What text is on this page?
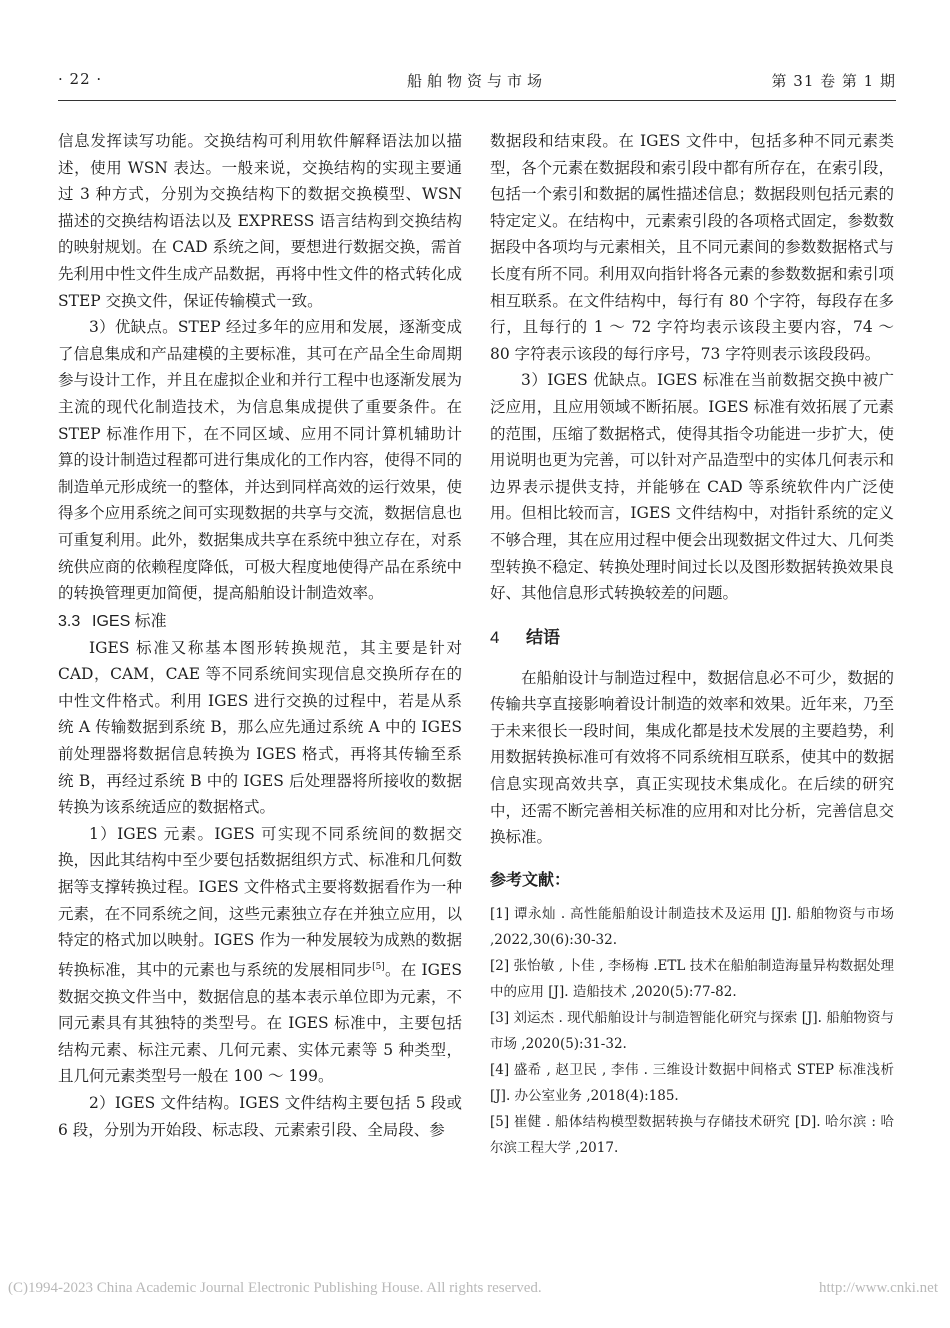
· 22 ·	船舶物资与市场	第 31 卷 第 1 期

信息发挥读写功能。交换结构可利用软件解释语法加以描述，使用 WSN 表达。一般来说，交换结构的实现主要通过 3 种方式，分别为交换结构下的数据交换模型、WSN 描述的交换结构语法以及 EXPRESS 语言结构到交换结构的映射规划。在 CAD 系统之间，要想进行数据交换，需首先利用中性文件生成产品数据，再将中性文件的格式转化成 STEP 交换文件，保证传输模式一致。

3）优缺点。STEP 经过多年的应用和发展，逐渐变成了信息集成和产品建模的主要标准，其可在产品全生命周期参与设计工作，并且在虚拟企业和并行工程中也逐渐发展为主流的现代化制造技术，为信息集成提供了重要条件。在 STEP 标准作用下，在不同区域、应用不同计算机辅助计算的设计制造过程都可进行集成化的工作内容，使得不同的制造单元形成统一的整体，并达到同样高效的运行效果，使得多个应用系统之间可实现数据的共享与交流，数据信息也可重复利用。此外，数据集成共享在系统中独立存在，对系统供应商的依赖程度降低，可极大程度地使得产品在系统中的转换管理更加简便，提高船舶设计制造效率。

3.3 IGES 标准

IGES 标准又称基本图形转换规范，其主要是针对 CAD，CAM，CAE 等不同系统间实现信息交换所存在的中性文件格式。利用 IGES 进行交换的过程中，若是从系统 A 传输数据到系统 B，那么应先通过系统 A 中的 IGES 前处理器将数据信息转换为 IGES 格式，再将其传输至系统 B，再经过系统 B 中的 IGES 后处理器将所接收的数据转换为该系统适应的数据格式。

1）IGES 元素。IGES 可实现不同系统间的数据交换，因此其结构中至少要包括数据组织方式、标准和几何数据等支撑转换过程。IGES 文件格式主要将数据看作为一种元素，在不同系统之间，这些元素独立存在并独立应用，以特定的格式加以映射。IGES 作为一种发展较为成熟的数据转换标准，其中的元素也与系统的发展相同步[5]。在 IGES 数据交换文件当中，数据信息的基本表示单位即为元素，不同元素具有其独特的类型号。在 IGES 标准中，主要包括结构元素、标注元素、几何元素、实体元素等 5 种类型，且几何元素类型号一般在 100 ～ 199。

2）IGES 文件结构。IGES 文件结构主要包括 5 段或 6 段，分别为开始段、标志段、元素索引段、全局段、参

数据段和结束段。在 IGES 文件中，包括多种不同元素类型，各个元素在数据段和索引段中都有所存在，在索引段，包括一个索引和数据的属性描述信息；数据段则包括元素的特定定义。在结构中，元素索引段的各项格式固定，参数数据段中各项均与元素相关，且不同元素间的参数数据格式与长度有所不同。利用双向指针将各元素的参数数据和索引项相互联系。在文件结构中，每行有 80 个字符，每段存在多行，且每行的 1 ～ 72 字符均表示该段主要内容，74 ～ 80 字符表示该段的每行序号，73 字符则表示该段段码。

3）IGES 优缺点。IGES 标准在当前数据交换中被广泛应用，且应用领域不断拓展。IGES 标准有效拓展了元素的范围，压缩了数据格式，使得其指令功能进一步扩大，使用说明也更为完善，可以针对产品造型中的实体几何表示和边界表示提供支持，并能够在 CAD 等系统软件内广泛使用。但相比较而言，IGES 文件结构中，对指针系统的定义不够合理，其在应用过程中便会出现数据文件过大、几何类型转换不稳定、转换处理时间过长以及图形数据转换效果良好、其他信息形式转换较差的问题。

4 结语

在船舶设计与制造过程中，数据信息必不可少，数据的传输共享直接影响着设计制造的效率和效果。近年来，乃至于未来很长一段时间，集成化都是技术发展的主要趋势，利用数据转换标准可有效将不同系统相互联系，使其中的数据信息实现高效共享，真正实现技术集成化。在后续的研究中，还需不断完善相关标准的应用和对比分析，完善信息交换标准。

参考文献：

[1] 谭永灿 . 高性能船舶设计制造技术及运用 [J]. 船舶物资与市场 ,2022,30(6):30-32.

[2] 张怡敏 , 卜佳 , 李杨梅 .ETL 技术在船舶制造海量异构数据处理中的应用 [J]. 造船技术 ,2020(5):77-82.

[3] 刘运杰 . 现代船舶设计与制造智能化研究与探索 [J]. 船舶物资与市场 ,2020(5):31-32.

[4] 盛希 , 赵卫民 , 李伟 . 三维设计数据中间格式 STEP 标准浅析 [J]. 办公室业务 ,2018(4):185.

[5] 崔健 . 船体结构模型数据转换与存储技术研究 [D]. 哈尔滨 : 哈尔滨工程大学 ,2017.

(C)1994-2023 China Academic Journal Electronic Publishing House. All rights reserved.	http://www.cnki.net
